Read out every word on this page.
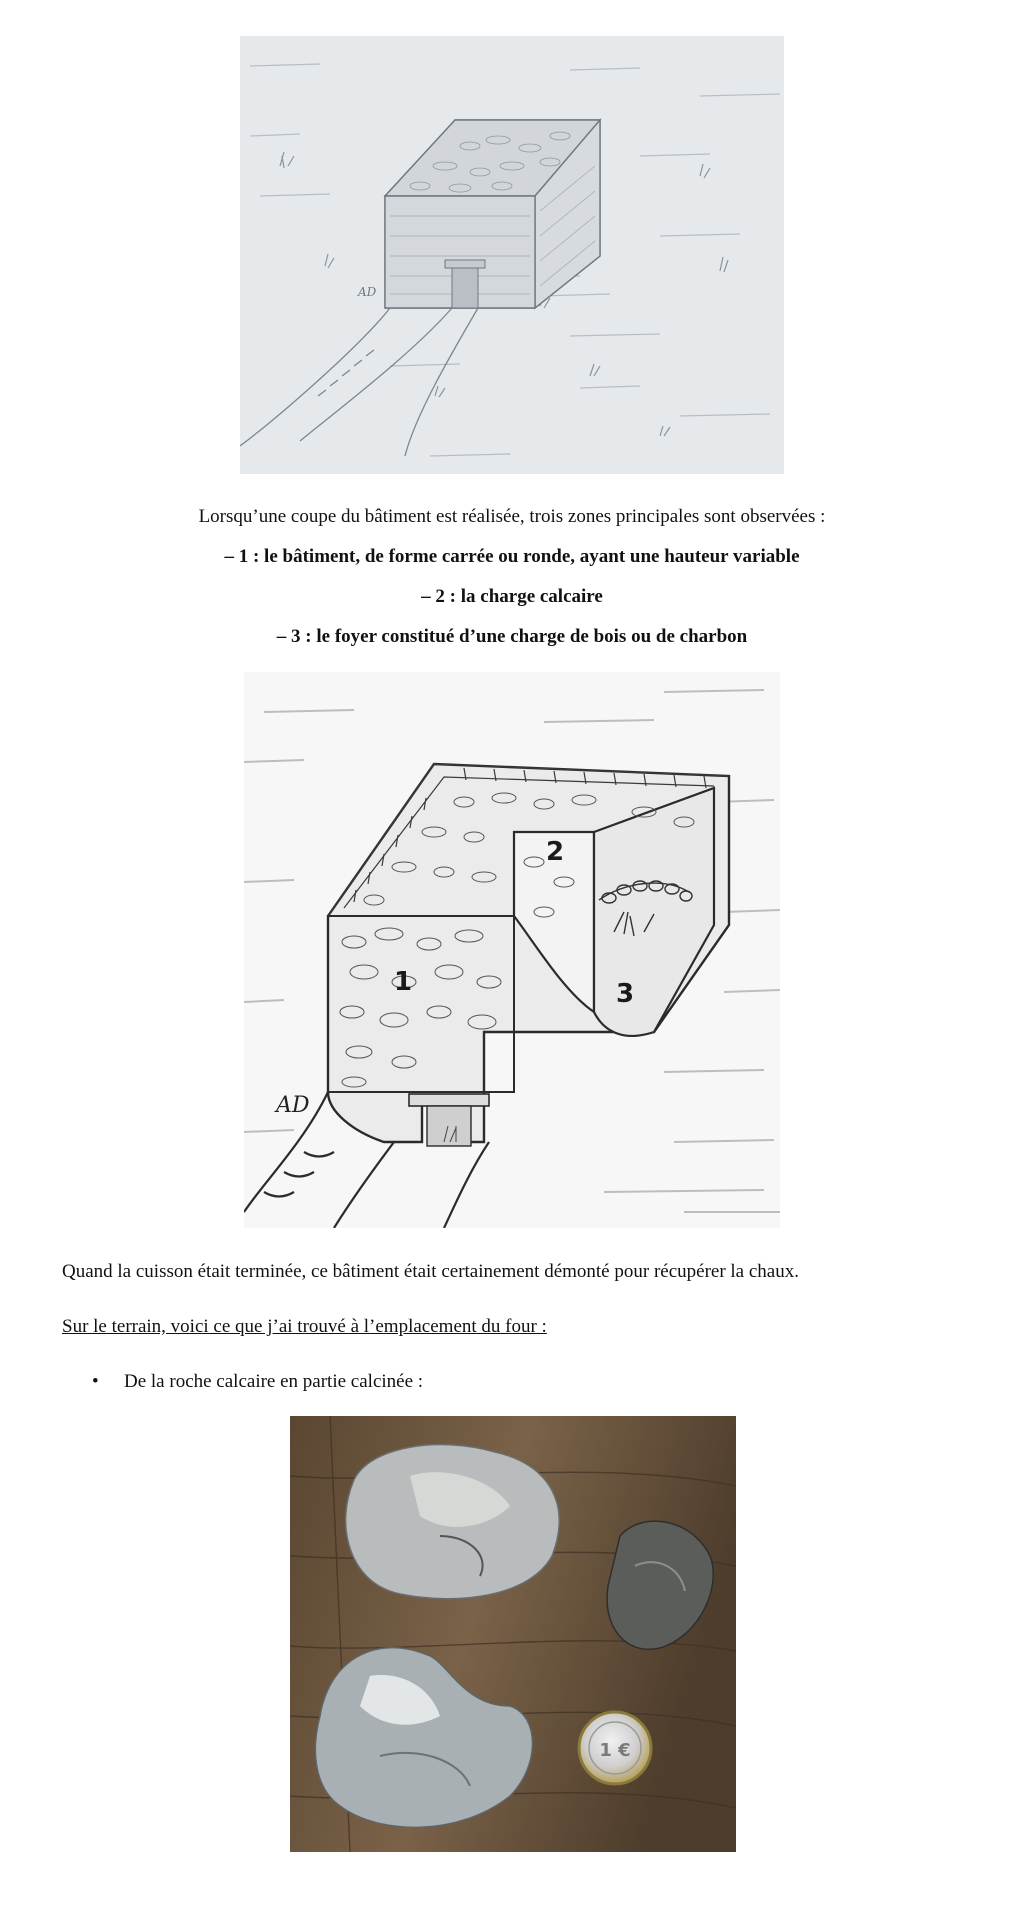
AD
Lorsqu’une coupe du bâtiment est réalisée, trois zones principales sont observées :
– 1 : le bâtiment, de forme carrée ou ronde, ayant une hauteur variable
– 2 : la charge calcaire
– 3 : le foyer constitué d’une charge de bois ou de charbon
1
2
3
AD
Quand la cuisson était terminée, ce bâtiment était certainement démonté pour récupérer la chaux.
Sur le terrain, voici ce que j’ai trouvé à l’emplacement du four :
• De la roche calcaire en partie calcinée :
1 €
